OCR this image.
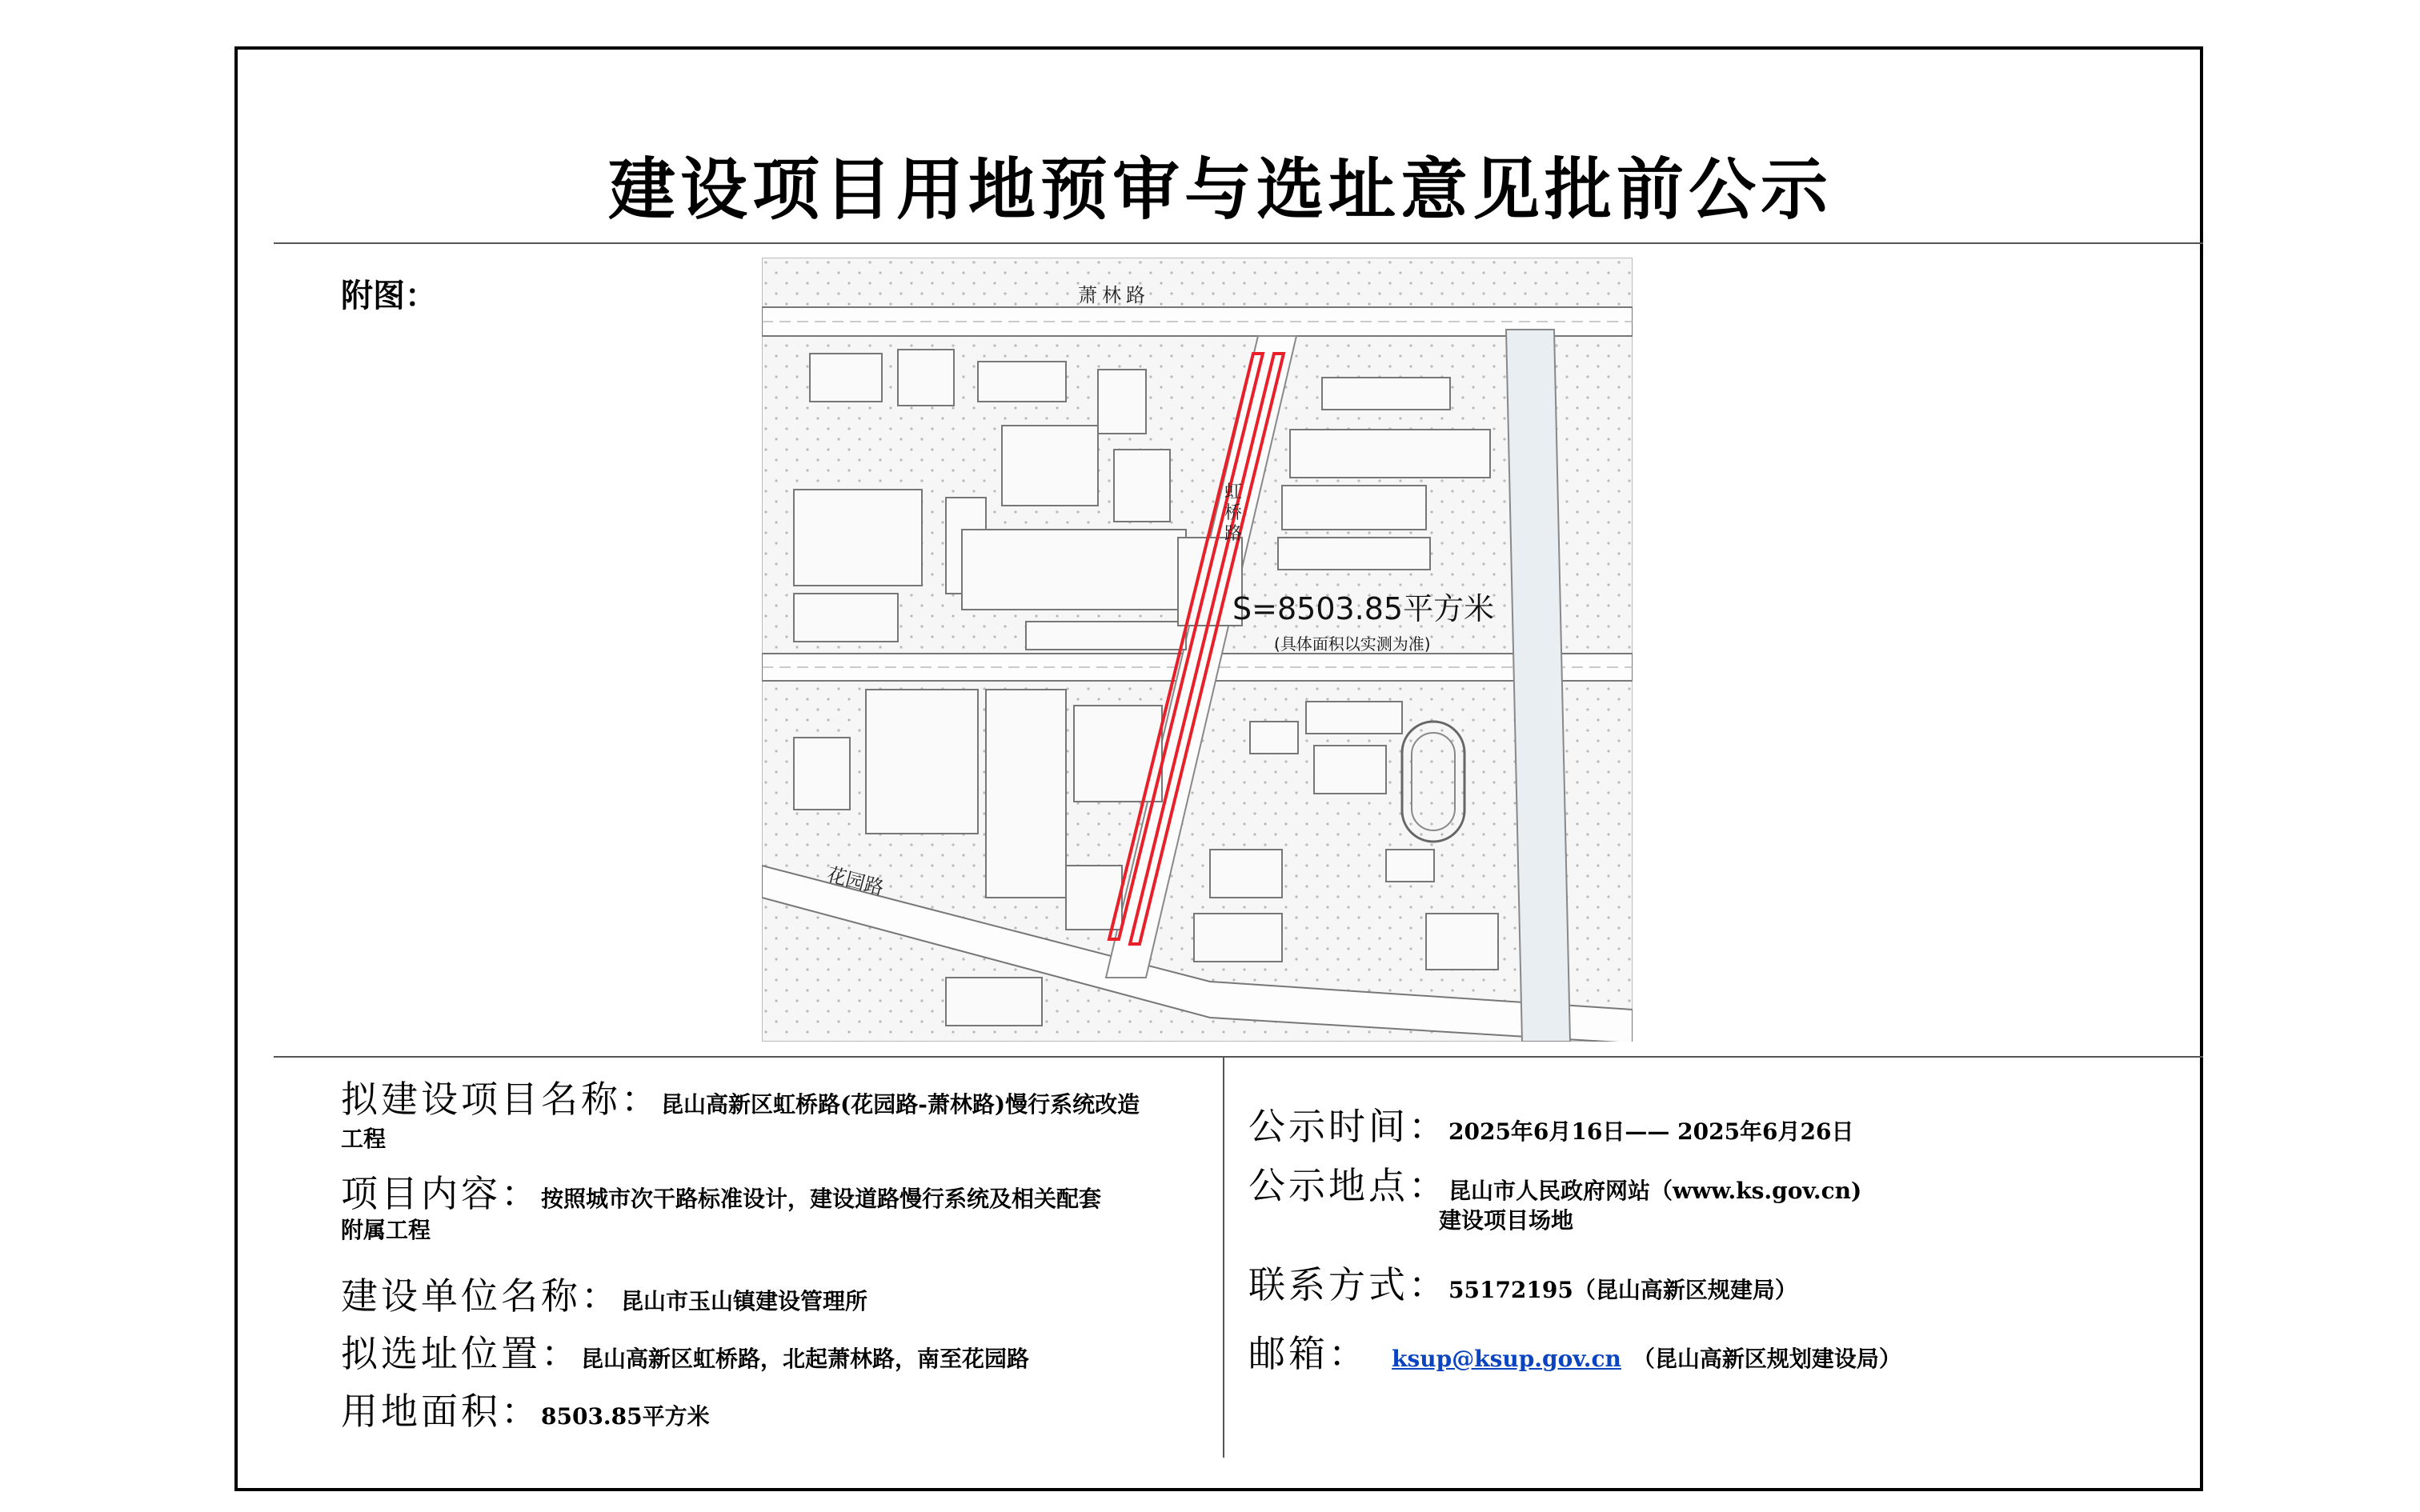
建设项目用地预审与选址意见批前公示
附图：	萧林路
虹桥路
花园路
S=8503.85平方米
(具体面积以实测为准)
拟建设项目名称：昆山高新区虹桥路(花园路-萧林路)慢行系统改造
工程
项目内容：按照城市次干路标准设计，建设道路慢行系统及相关配套
附属工程
建设单位名称：昆山市玉山镇建设管理所
拟选址位置：昆山高新区虹桥路，北起萧林路，南至花园路
用地面积：8503.85平方米
公示时间：2025年6月16日—— 2025年6月26日
公示地点：昆山市人民政府网站（www.ks.gov.cn)
建设项目场地
联系方式：55172195（昆山高新区规建局）
邮箱： ksup@ksup.gov.cn （昆山高新区规划建设局）
